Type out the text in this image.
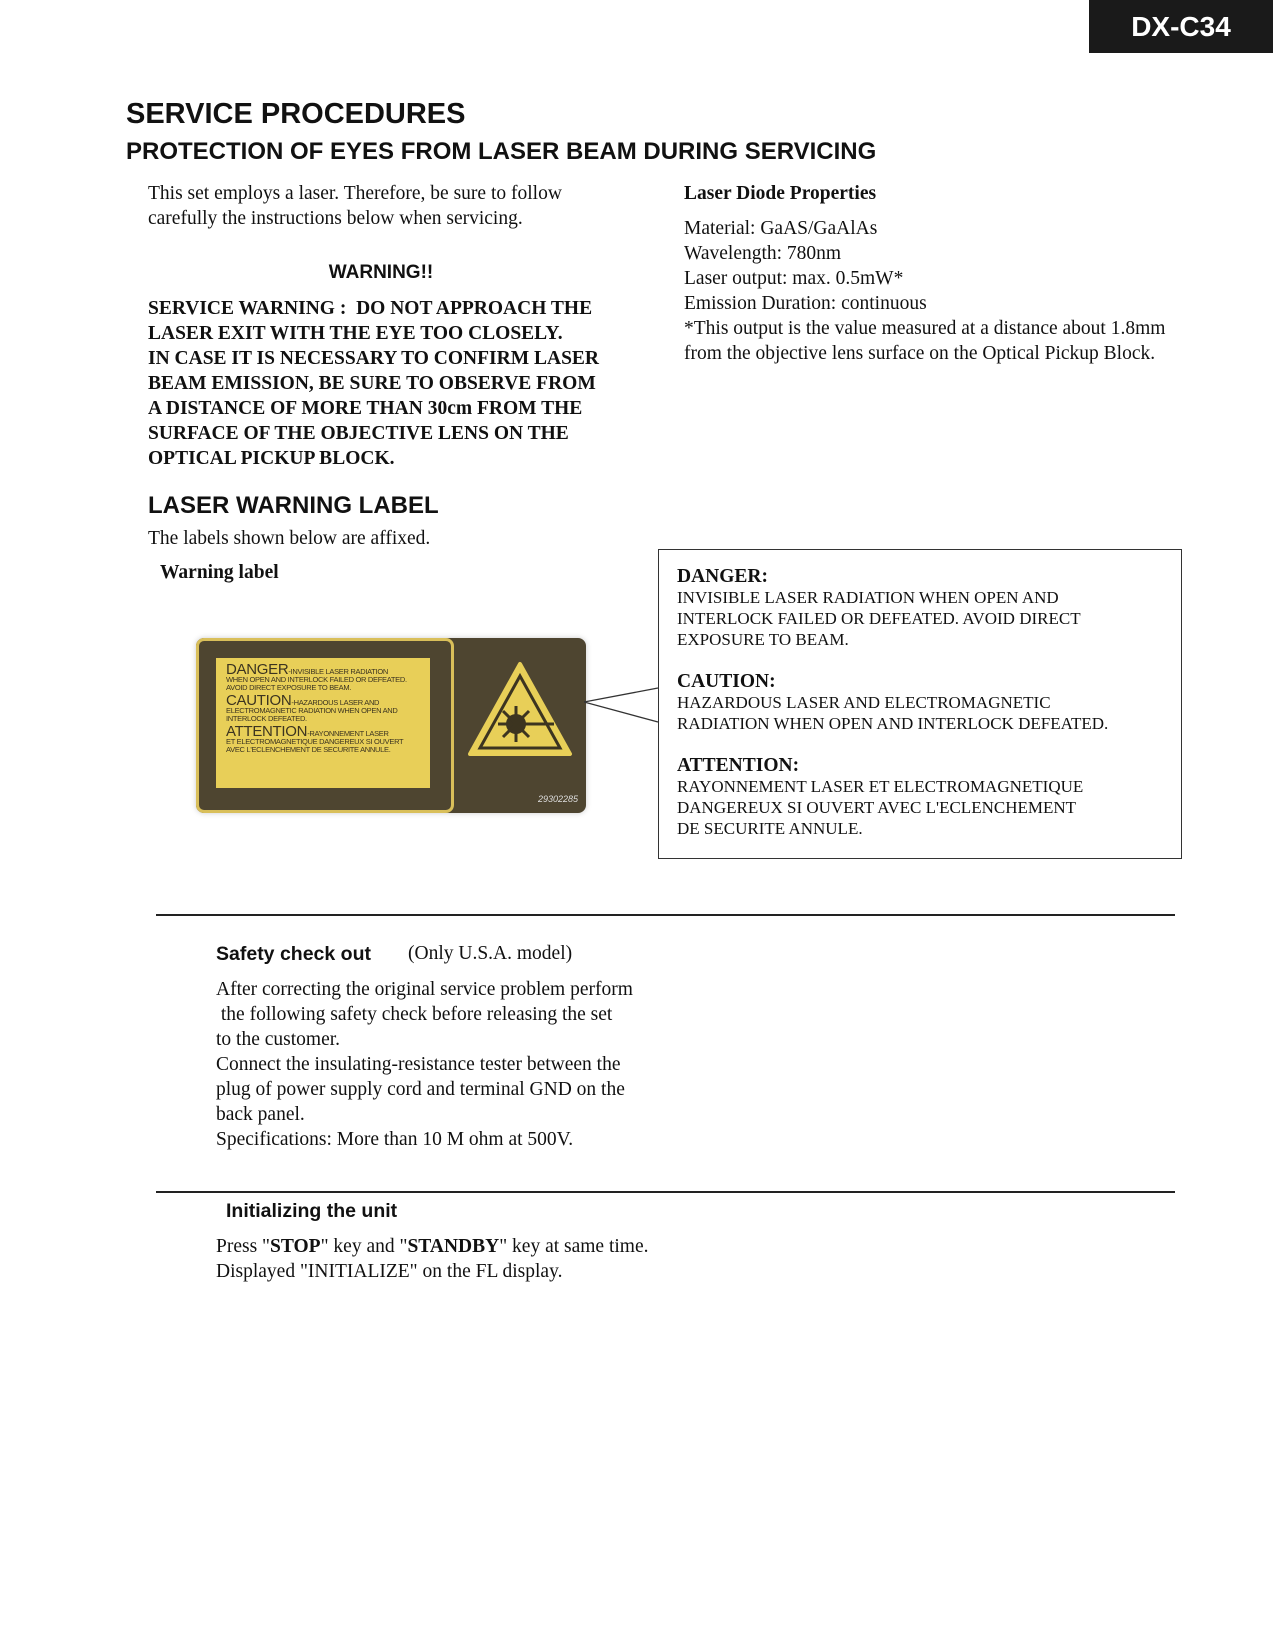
DX-C34
SERVICE PROCEDURES
PROTECTION OF EYES FROM LASER BEAM DURING SERVICING
This set employs a laser. Therefore, be sure to follow
carefully the instructions below when servicing.
WARNING!!
SERVICE WARNING :  DO NOT APPROACH THE
LASER EXIT WITH THE EYE TOO CLOSELY.
IN CASE IT IS NECESSARY TO CONFIRM LASER
BEAM EMISSION, BE SURE TO OBSERVE FROM
A DISTANCE OF MORE THAN 30cm FROM THE
SURFACE OF THE OBJECTIVE LENS ON THE
OPTICAL PICKUP BLOCK.
Laser Diode Properties
Material: GaAS/GaAlAs
Wavelength: 780nm
Laser output: max. 0.5mW*
Emission Duration: continuous
*This output is the value measured at a distance about 1.8mm
from the objective lens surface on the Optical Pickup Block.
LASER WARNING LABEL
The labels shown below are affixed.
Warning label
DANGER-INVISIBLE LASER RADIATION
WHEN OPEN AND INTERLOCK FAILED OR DEFEATED.
AVOID DIRECT EXPOSURE TO BEAM.
CAUTION-HAZARDOUS LASER AND
ELECTROMAGNETIC RADIATION WHEN OPEN AND
INTERLOCK DEFEATED.
ATTENTION-RAYONNEMENT LASER
ET ELECTROMAGNETIQUE DANGEREUX SI OUVERT
AVEC L'ECLENCHEMENT DE SECURITE ANNULE.
29302285

DANGER:
INVISIBLE LASER RADIATION WHEN OPEN AND
INTERLOCK FAILED OR DEFEATED. AVOID DIRECT
EXPOSURE TO BEAM.

CAUTION:
HAZARDOUS LASER AND ELECTROMAGNETIC
RADIATION WHEN OPEN AND INTERLOCK DEFEATED.

ATTENTION:
RAYONNEMENT LASER ET ELECTROMAGNETIQUE
DANGEREUX SI OUVERT AVEC L'ECLENCHEMENT
DE SECURITE ANNULE.

Safety check out (Only U.S.A. model)
After correcting the original service problem perform
the following safety check before releasing the set
to the customer.
Connect the insulating-resistance tester between the
plug of power supply cord and terminal GND on the
back panel.
Specifications: More than 10 M ohm at 500V.
Initializing the unit
Press "STOP" key and "STANDBY" key at same time.
Displayed "INITIALIZE" on the FL display.
